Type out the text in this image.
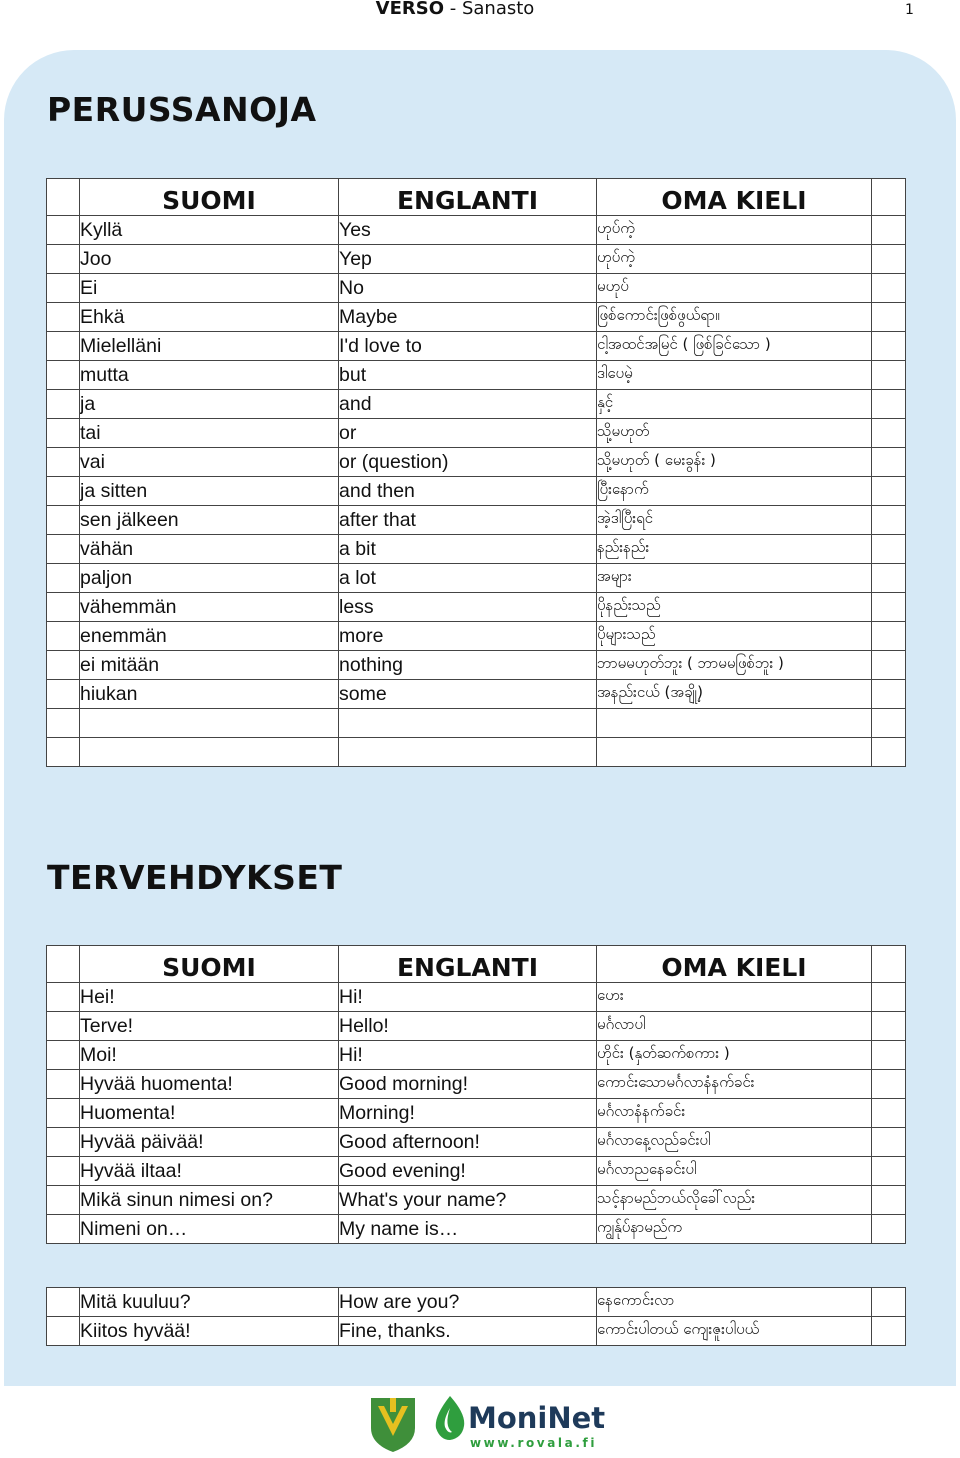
VERSO - Sanasto	1
PERUSSANOJA
	SUOMI	ENGLANTI	OMA KIELI	
	Kyllä	Yes	ဟုပ်ကဲ့	
	Joo	Yep	ဟုပ်ကဲ့	
	Ei	No	မဟုပ်	
	Ehkä	Maybe	ဖြစ်ကောင်းဖြစ်ဖွယ်ရာ။	
	Mielelläni	I'd love to	ငါ့အထင်အမြင် ( ဖြစ်ခြင်သော )	
	mutta	but	ဒါပေမဲ့	
	ja	and	နှင့်	
	tai	or	သို့မဟုတ်	
	vai	or (question)	သို့မဟုတ် ( မေးခွန်း )	
	ja sitten	and then	ပြီးနောက်	
	sen jälkeen	after that	အဲ့ဒါပြီးရင်	
	vähän	a bit	နည်းနည်း	
	paljon	a lot	အများ	
	vähemmän	less	ပိုနည်းသည်	
	enemmän	more	ပိုများသည်	
	ei mitään	nothing	ဘာမမဟုတ်ဘူး ( ဘာမမဖြစ်ဘူး )	
	hiukan	some	အနည်းငယ် (အချို့)	

TERVEHDYKSET
	SUOMI	ENGLANTI	OMA KIELI	
	Hei!	Hi!	ဟေး	
	Terve!	Hello!	မင်္ဂလာပါ	
	Moi!	Hi!	ဟိုင်း (နှတ်ဆက်စကား )	
	Hyvää huomenta!	Good morning!	ကောင်းသောမင်္ဂလာနံနက်ခင်း	
	Huomenta!	Morning!	မင်္ဂလာနံနက်ခင်း	
	Hyvää päivää!	Good afternoon!	မင်္ဂလာနေ့လည်ခင်းပါ	
	Hyvää iltaa!	Good evening!	မင်္ဂလာညနေခင်းပါ	
	Mikä sinun nimesi on?	What's your name?	သင့်နာမည်ဘယ်လိုခေါ်လည်း	
	Nimeni on…	My name is…	ကျွန်ုပ်နာမည်က	
	Mitä kuuluu?	How are you?	နေကောင်းလာ	
	Kiitos hyvää!	Fine, thanks.	ကောင်းပါတယ် ကျေးဇူးပါပယ်	
MoniNet
www.rovala.fi
